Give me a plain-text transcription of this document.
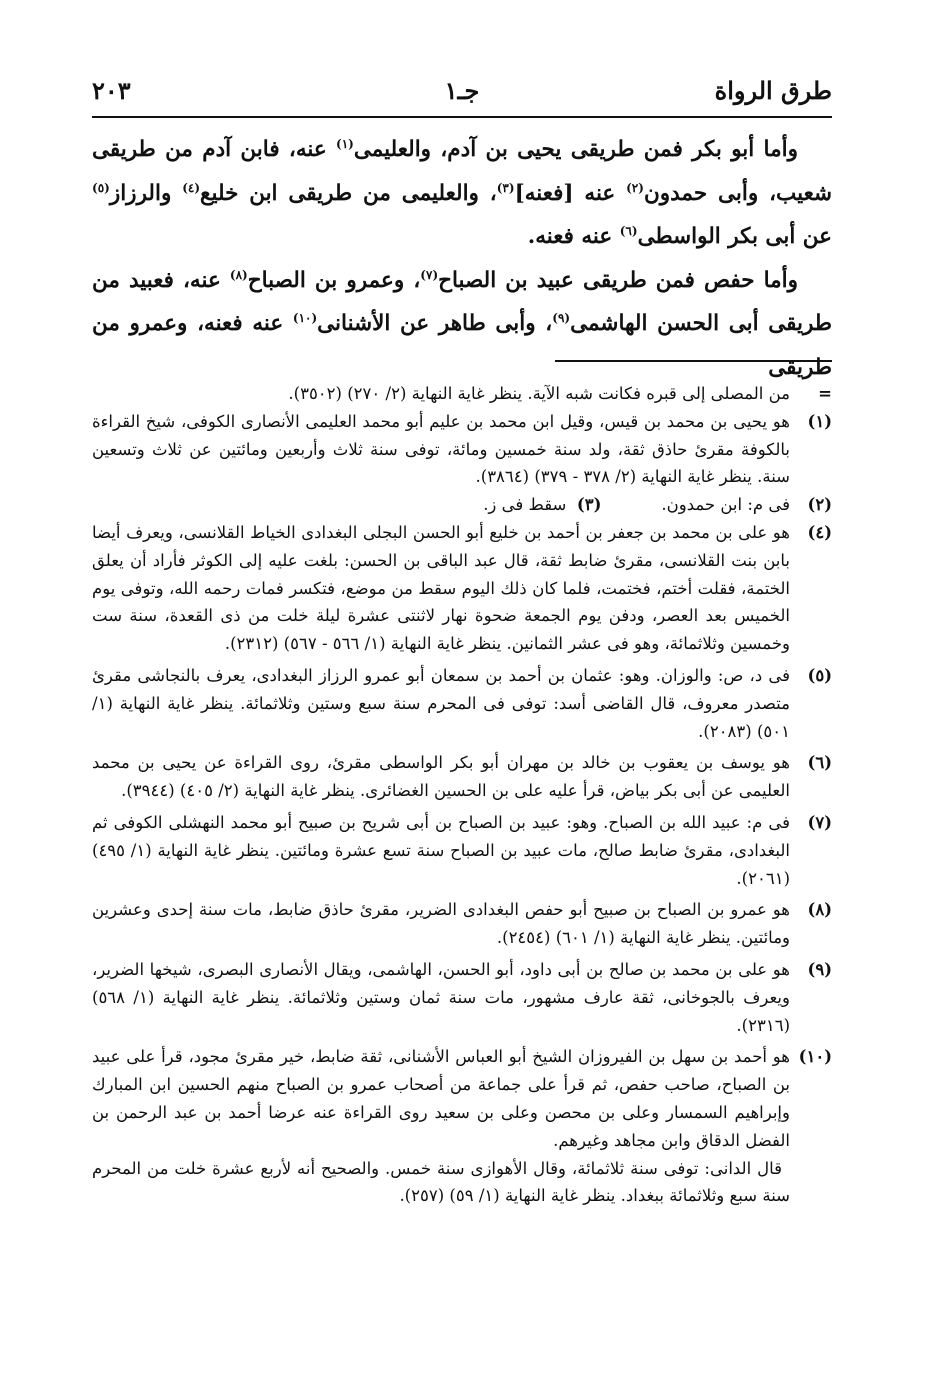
طرق الرواة
جـ١
٢٠٣

وأما أبو بكر فمن طريقى يحيى بن آدم، والعليمى$^{(١)}$ عنه، فابن آدم من طريقى شعيب، وأبى حمدون$^{(٢)}$ عنه [فعنه]$^{(٣)}$، والعليمى من طريقى ابن خليع$^{(٤)}$ والرزاز$^{(٥)}$ عن أبى بكر الواسطى$^{(٦)}$ عنه فعنه.

وأما حفص فمن طريقى عبيد بن الصباح$^{(٧)}$، وعمرو بن الصباح$^{(٨)}$ عنه، فعبيد من طريقى أبى الحسن الهاشمى$^{(٩)}$، وأبى طاهر عن الأشنانى$^{(١٠)}$ عنه فعنه، وعمرو من طريقى

=
من المصلى إلى قبره فكانت شبه الآية. ينظر غاية النهاية (٢/ ٢٧٠) (٣٥٠٢).

(١)
هو يحيى بن محمد بن قيس، وقيل ابن محمد بن عليم أبو محمد العليمى الأنصارى الكوفى، شيخ القراءة بالكوفة مقرئ حاذق ثقة، ولد سنة خمسين ومائة، توفى سنة ثلاث وأربعين ومائتين عن ثلاث وتسعين سنة. ينظر غاية النهاية (٢/ ٣٧٨ - ٣٧٩) (٣٨٦٤).

(٢)
فى م: ابن حمدون.
(٣)  سقط فى ز.

(٤)
هو على بن محمد بن جعفر بن أحمد بن خليع أبو الحسن البجلى البغدادى الخياط القلانسى، ويعرف أيضا بابن بنت القلانسى، مقرئ ضابط ثقة، قال عبد الباقى بن الحسن: بلغت عليه إلى الكوثر فأراد أن يعلق الختمة، فقلت أختم، فختمت، فلما كان ذلك اليوم سقط من موضع، فتكسر فمات رحمه الله، وتوفى يوم الخميس بعد العصر، ودفن يوم الجمعة ضحوة نهار لاثنتى عشرة ليلة خلت من ذى القعدة، سنة ست وخمسين وثلاثمائة، وهو فى عشر الثمانين. ينظر غاية النهاية (١/ ٥٦٦ - ٥٦٧) (٢٣١٢).

(٥)
فى د، ص: والوزان. وهو: عثمان بن أحمد بن سمعان أبو عمرو الرزاز البغدادى، يعرف بالنجاشى مقرئ متصدر معروف، قال القاضى أسد: توفى فى المحرم سنة سبع وستين وثلاثمائة. ينظر غاية النهاية (١/ ٥٠١) (٢٠٨٣).

(٦)
هو يوسف بن يعقوب بن خالد بن مهران أبو بكر الواسطى مقرئ، روى القراءة عن يحيى بن محمد العليمى عن أبى بكر بياض، قرأ عليه على بن الحسين الغضائرى. ينظر غاية النهاية (٢/ ٤٠٥) (٣٩٤٤).

(٧)
فى م: عبيد الله بن الصباح. وهو: عبيد بن الصباح بن أبى شريح بن صبيح أبو محمد النهشلى الكوفى ثم البغدادى، مقرئ ضابط صالح، مات عبيد بن الصباح سنة تسع عشرة ومائتين. ينظر غاية النهاية (١/ ٤٩٥) (٢٠٦١).

(٨)
هو عمرو بن الصباح بن صبيح أبو حفص البغدادى الضرير، مقرئ حاذق ضابط، مات سنة إحدى وعشرين ومائتين. ينظر غاية النهاية (١/ ٦٠١) (٢٤٥٤).

(٩)
هو على بن محمد بن صالح بن أبى داود، أبو الحسن، الهاشمى، ويقال الأنصارى البصرى، شيخها الضرير، ويعرف بالجوخانى، ثقة عارف مشهور، مات سنة ثمان وستين وثلاثمائة. ينظر غاية النهاية (١/ ٥٦٨) (٢٣١٦).

(١٠)
هو أحمد بن سهل بن الفيروزان الشيخ أبو العباس الأشنانى، ثقة ضابط، خير مقرئ مجود، قرأ على عبيد بن الصباح، صاحب حفص، ثم قرأ على جماعة من أصحاب عمرو بن الصباح منهم الحسين ابن المبارك وإبراهيم السمسار وعلى بن محصن وعلى بن سعيد روى القراءة عنه عرضا أحمد بن عبد الرحمن بن الفضل الدقاق وابن مجاهد وغيرهم.

قال الدانى: توفى سنة ثلاثمائة، وقال الأهوازى سنة خمس. والصحيح أنه لأربع عشرة خلت من المحرم سنة سبع وثلاثمائة ببغداد. ينظر غاية النهاية (١/ ٥٩) (٢٥٧).
